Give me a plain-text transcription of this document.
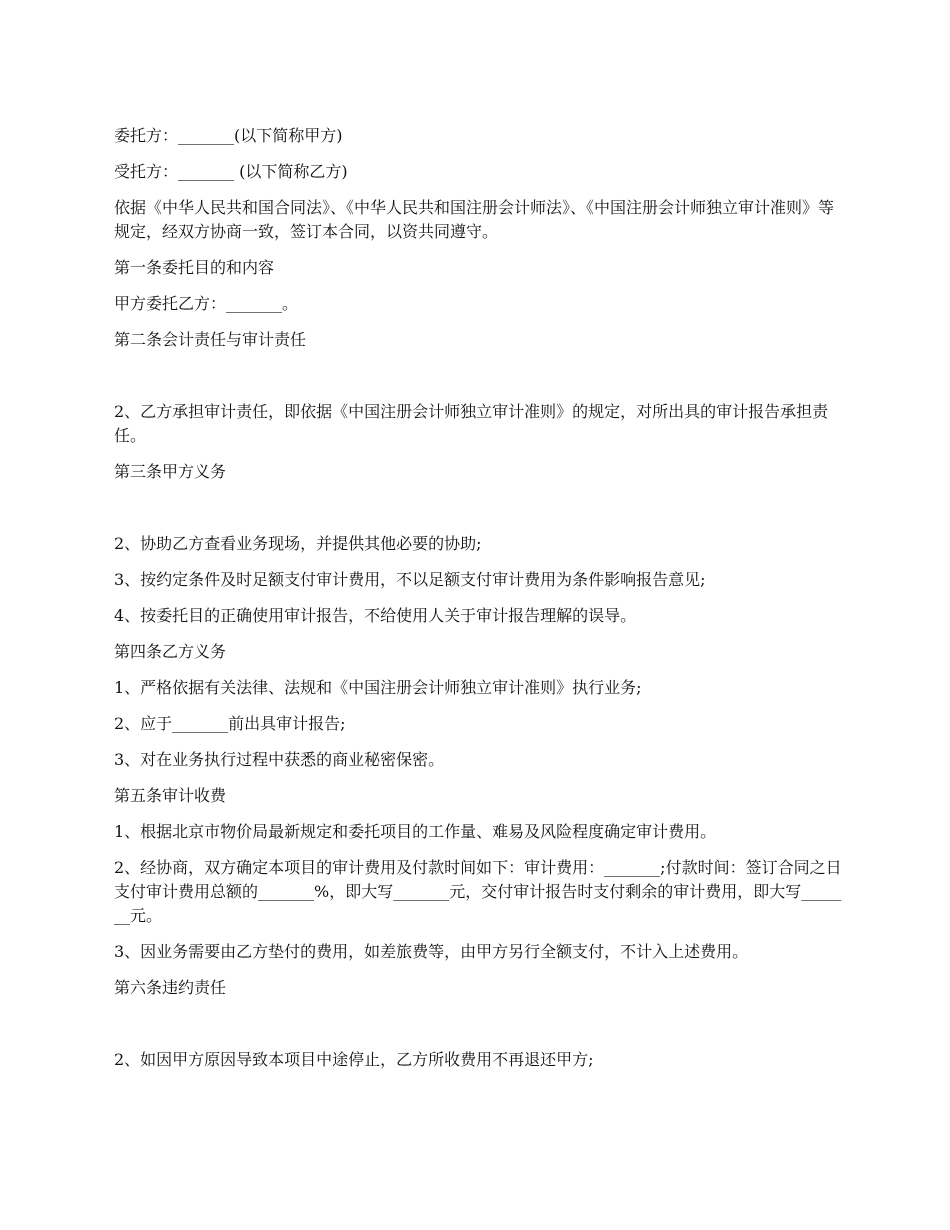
委托方：_______(以下简称甲方)

受托方：_______ (以下简称乙方)

依据《中华人民共和国合同法》、《中华人民共和国注册会计师法》、《中国注册会计师独立审计准则》等规定，经双方协商一致，签订本合同，以资共同遵守。

第一条委托目的和内容

甲方委托乙方：_______。

第二条会计责任与审计责任

2、乙方承担审计责任，即依据《中国注册会计师独立审计准则》的规定，对所出具的审计报告承担责任。

第三条甲方义务

2、协助乙方查看业务现场，并提供其他必要的协助;

3、按约定条件及时足额支付审计费用，不以足额支付审计费用为条件影响报告意见;

4、按委托目的正确使用审计报告，不给使用人关于审计报告理解的误导。

第四条乙方义务

1、严格依据有关法律、法规和《中国注册会计师独立审计准则》执行业务;

2、应于_______前出具审计报告;

3、对在业务执行过程中获悉的商业秘密保密。

第五条审计收费

1、根据北京市物价局最新规定和委托项目的工作量、难易及风险程度确定审计费用。

2、经协商，双方确定本项目的审计费用及付款时间如下：审计费用：_______;付款时间：签订合同之日支付审计费用总额的_______%，即大写_______元，交付审计报告时支付剩余的审计费用，即大写_______元。

3、因业务需要由乙方垫付的费用，如差旅费等，由甲方另行全额支付，不计入上述费用。

第六条违约责任

2、如因甲方原因导致本项目中途停止，乙方所收费用不再退还甲方;
